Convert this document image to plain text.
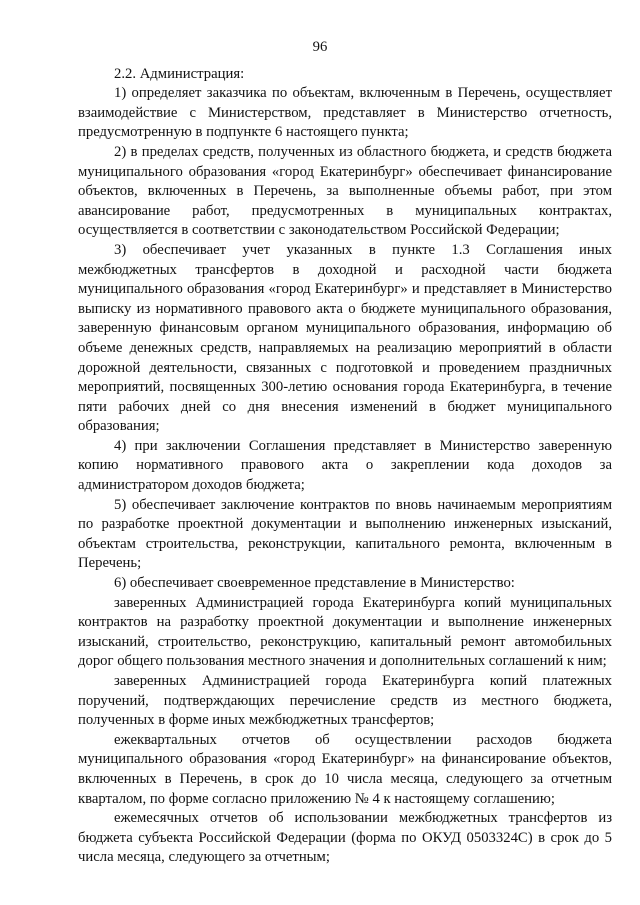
96

2.2. Администрация:

1) определяет заказчика по объектам, включенным в Перечень, осуществляет взаимодействие с Министерством, представляет в Министерство отчетность, предусмотренную в подпункте 6 настоящего пункта;

2) в пределах средств, полученных из областного бюджета, и средств бюджета муниципального образования «город Екатеринбург» обеспечивает финансирование объектов, включенных в Перечень, за выполненные объемы работ, при этом авансирование работ, предусмотренных в муниципальных контрактах, осуществляется в соответствии с законодательством Российской Федерации;

3) обеспечивает учет указанных в пункте 1.3 Соглашения иных межбюджетных трансфертов в доходной и расходной части бюджета муниципального образования «город Екатеринбург» и представляет в Министерство выписку из нормативного правового акта о бюджете муниципального образования, заверенную финансовым органом муниципального образования, информацию об объеме денежных средств, направляемых на реализацию мероприятий в области дорожной деятельности, связанных с подготовкой и проведением праздничных мероприятий, посвященных 300-летию основания города Екатеринбурга, в течение пяти рабочих дней со дня внесения изменений в бюджет муниципального образования;

4) при заключении Соглашения представляет в Министерство заверенную копию нормативного правового акта о закреплении кода доходов за администратором доходов бюджета;

5) обеспечивает заключение контрактов по вновь начинаемым мероприятиям по разработке проектной документации и выполнению инженерных изысканий, объектам строительства, реконструкции, капитального ремонта, включенным в Перечень;

6) обеспечивает своевременное представление в Министерство:

заверенных Администрацией города Екатеринбурга копий муниципальных контрактов на разработку проектной документации и выполнение инженерных изысканий, строительство, реконструкцию, капитальный ремонт автомобильных дорог общего пользования местного значения и дополнительных соглашений к ним;

заверенных Администрацией города Екатеринбурга копий платежных поручений, подтверждающих перечисление средств из местного бюджета, полученных в форме иных межбюджетных трансфертов;

ежеквартальных отчетов об осуществлении расходов бюджета муниципального образования «город Екатеринбург» на финансирование объектов, включенных в Перечень, в срок до 10 числа месяца, следующего за отчетным кварталом, по форме согласно приложению № 4 к настоящему соглашению;

ежемесячных отчетов об использовании межбюджетных трансфертов из бюджета субъекта Российской Федерации (форма по ОКУД 0503324С) в срок до 5 числа месяца, следующего за отчетным;
